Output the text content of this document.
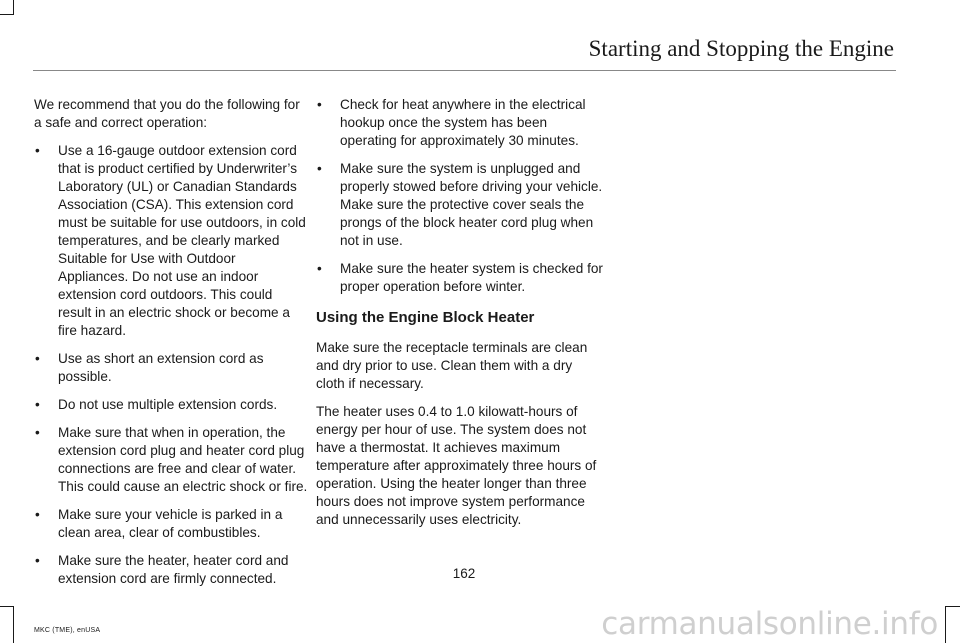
Starting and Stopping the Engine

We recommend that you do the following for a safe and correct operation:

• Use a 16-gauge outdoor extension cord that is product certified by Underwriter’s Laboratory (UL) or Canadian Standards Association (CSA). This extension cord must be suitable for use outdoors, in cold temperatures, and be clearly marked Suitable for Use with Outdoor Appliances. Do not use an indoor extension cord outdoors. This could result in an electric shock or become a fire hazard.
• Use as short an extension cord as possible.
• Do not use multiple extension cords.
• Make sure that when in operation, the extension cord plug and heater cord plug connections are free and clear of water. This could cause an electric shock or fire.
• Make sure your vehicle is parked in a clean area, clear of combustibles.
• Make sure the heater, heater cord and extension cord are firmly connected.
• Check for heat anywhere in the electrical hookup once the system has been operating for approximately 30 minutes.
• Make sure the system is unplugged and properly stowed before driving your vehicle. Make sure the protective cover seals the prongs of the block heater cord plug when not in use.
• Make sure the heater system is checked for proper operation before winter.
Using the Engine Block Heater

Make sure the receptacle terminals are clean and dry prior to use. Clean them with a dry cloth if necessary.

The heater uses 0.4 to 1.0 kilowatt-hours of energy per hour of use. The system does not have a thermostat. It achieves maximum temperature after approximately three hours of operation. Using the heater longer than three hours does not improve system performance and unnecessarily uses electricity.

162
MKC (TME), enUSA	carmanualsonline.info
